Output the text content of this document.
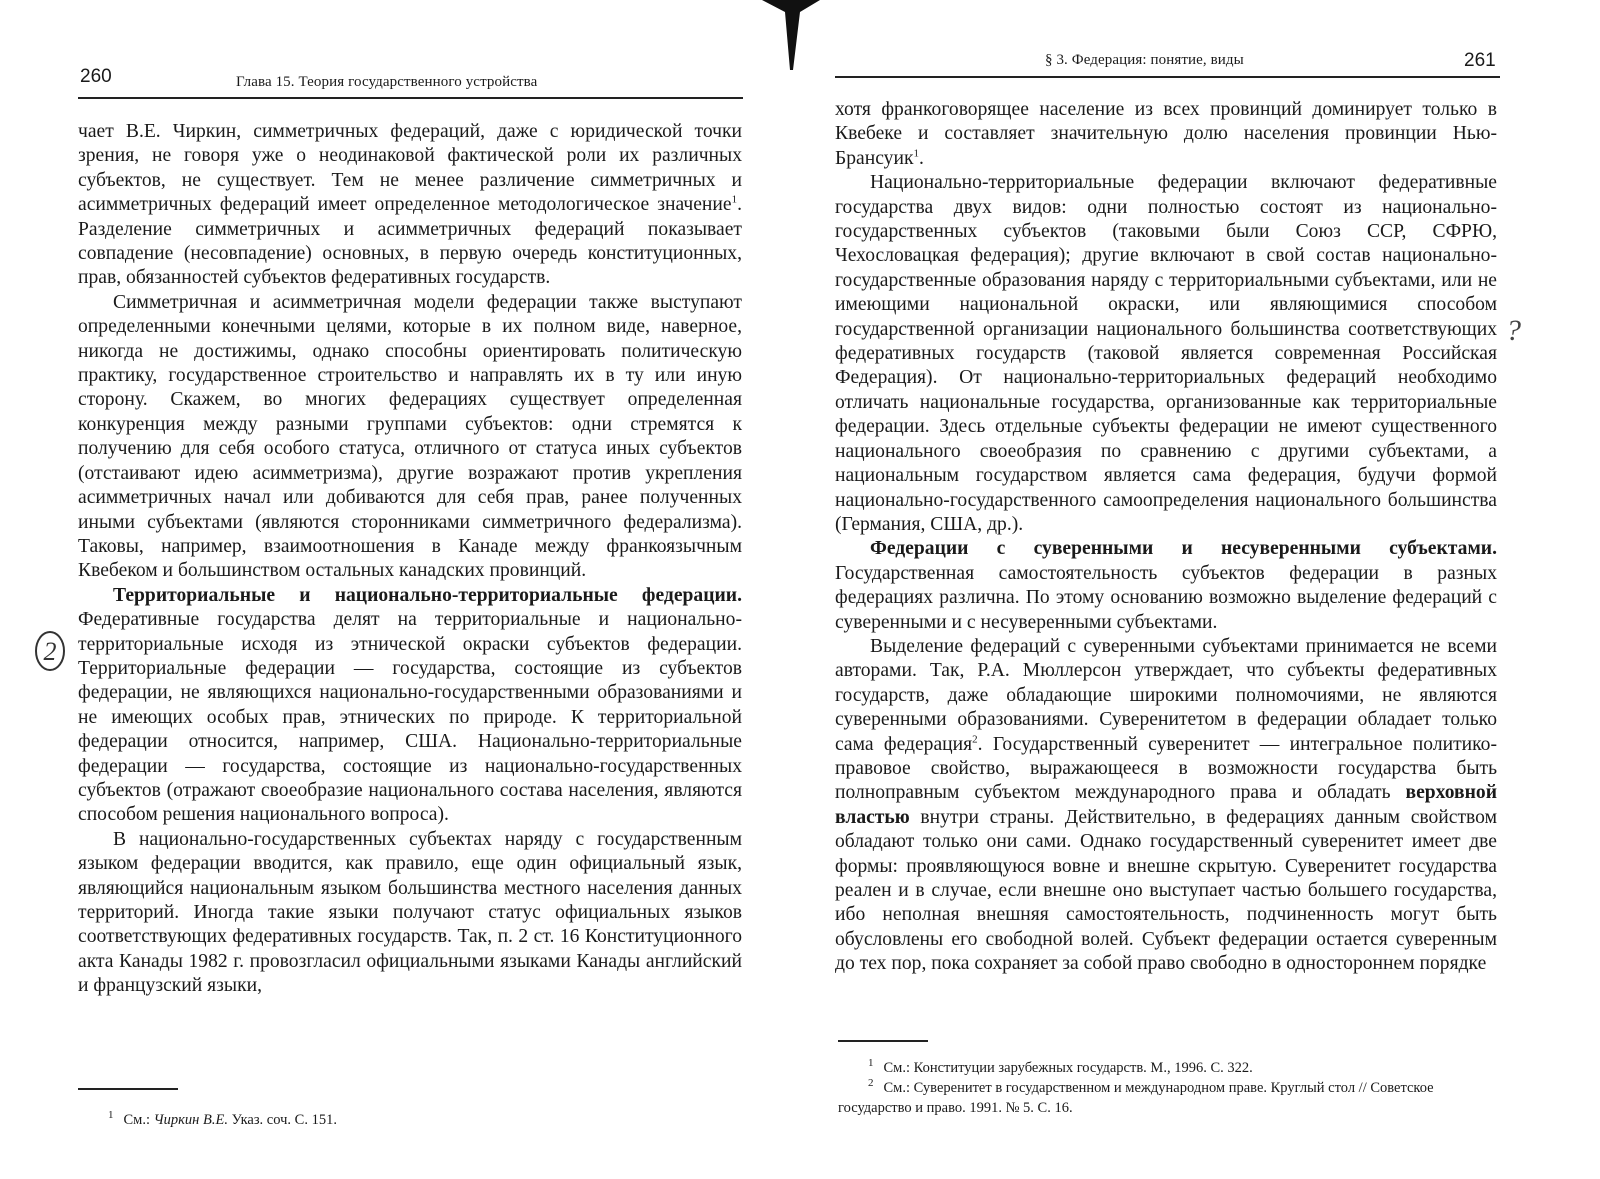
260	Глава 15. Теория государственного устройства

чает В.Е. Чиркин, симметричных федераций, даже с юридической точки зрения, не говоря уже о неодинаковой фактической роли их различных субъектов, не существует. Тем не менее различение симметричных и асимметричных федераций имеет определенное методологическое значение$^1$. Разделение симметричных и асимметричных федераций показывает совпадение (несовпадение) основных, в первую очередь конституционных, прав, обязанностей субъектов федеративных государств.

Симметричная и асимметричная модели федерации также выступают определенными конечными целями, которые в их полном виде, наверное, никогда не достижимы, однако способны ориентировать политическую практику, государственное строительство и направлять их в ту или иную сторону. Скажем, во многих федерациях существует определенная конкуренция между разными группами субъектов: одни стремятся к получению для себя особого статуса, отличного от статуса иных субъектов (отстаивают идею асимметризма), другие возражают против укрепления асимметричных начал или добиваются для себя прав, ранее полученных иными субъектами (являются сторонниками симметричного федерализма). Таковы, например, взаимоотношения в Канаде между франкоязычным Квебеком и большинством остальных канадских провинций.

Территориальные и национально-территориальные федерации. Федеративные государства делят на территориальные и национально-территориальные исходя из этнической окраски субъектов федерации. Территориальные федерации — государства, состоящие из субъектов федерации, не являющихся национально-государственными образованиями и не имеющих особых прав, этнических по природе. К территориальной федерации относится, например, США. Национально-территориальные федерации — государства, состоящие из национально-государственных субъектов (отражают своеобразие национального состава населения, являются способом решения национального вопроса).

В национально-государственных субъектах наряду с государственным языком федерации вводится, как правило, еще один официальный язык, являющийся национальным языком большинства местного населения данных территорий. Иногда такие языки получают статус официальных языков соответствующих федеративных государств. Так, п. 2 ст. 16 Конституционного акта Канады 1982 г. провозгласил официальными языками Канады английский и французский языки,

$^1$ См.: Чиркин В.Е. Указ. соч. С. 151.

2
§ 3. Федерация: понятие, виды	261

хотя франкоговорящее население из всех провинций доминирует только в Квебеке и составляет значительную долю населения провинции Нью-Брансуик$^1$.

Национально-территориальные федерации включают федеративные государства двух видов: одни полностью состоят из национально-государственных субъектов (таковыми были Союз ССР, СФРЮ, Чехословацкая федерация); другие включают в свой состав национально-государственные образования наряду с территориальными субъектами, или не имеющими национальной окраски, или являющимися способом государственной организации национального большинства соответствующих федеративных государств (таковой является современная Российская Федерация). От национально-территориальных федераций необходимо отличать национальные государства, организованные как территориальные федерации. Здесь отдельные субъекты федерации не имеют существенного национального своеобразия по сравнению с другими субъектами, а национальным государством является сама федерация, будучи формой национально-государственного самоопределения национального большинства (Германия, США, др.).

Федерации с суверенными и несуверенными субъектами. Государственная самостоятельность субъектов федерации в разных федерациях различна. По этому основанию возможно выделение федераций с суверенными и с несуверенными субъектами.

Выделение федераций с суверенными субъектами принимается не всеми авторами. Так, Р.А. Мюллерсон утверждает, что субъекты федеративных государств, даже обладающие широкими полномочиями, не являются суверенными образованиями. Суверенитетом в федерации обладает только сама федерация$^2$. Государственный суверенитет — интегральное политико-правовое свойство, выражающееся в возможности государства быть полноправным субъектом международного права и обладать верховной властью внутри страны. Действительно, в федерациях данным свойством обладают только они сами. Однако государственный суверенитет имеет две формы: проявляющуюся вовне и внешне скрытую. Суверенитет государства реален и в случае, если внешне оно выступает частью большего государства, ибо неполная внешняя самостоятельность, подчиненность могут быть обусловлены его свободной волей. Субъект федерации остается суверенным до тех пор, пока сохраняет за собой право свободно в одностороннем порядке

$^1$ См.: Конституции зарубежных государств. М., 1996. С. 322.

$^2$ См.: Суверенитет в государственном и международном праве. Круглый стол // Советское государство и право. 1991. № 5. С. 16.

?
